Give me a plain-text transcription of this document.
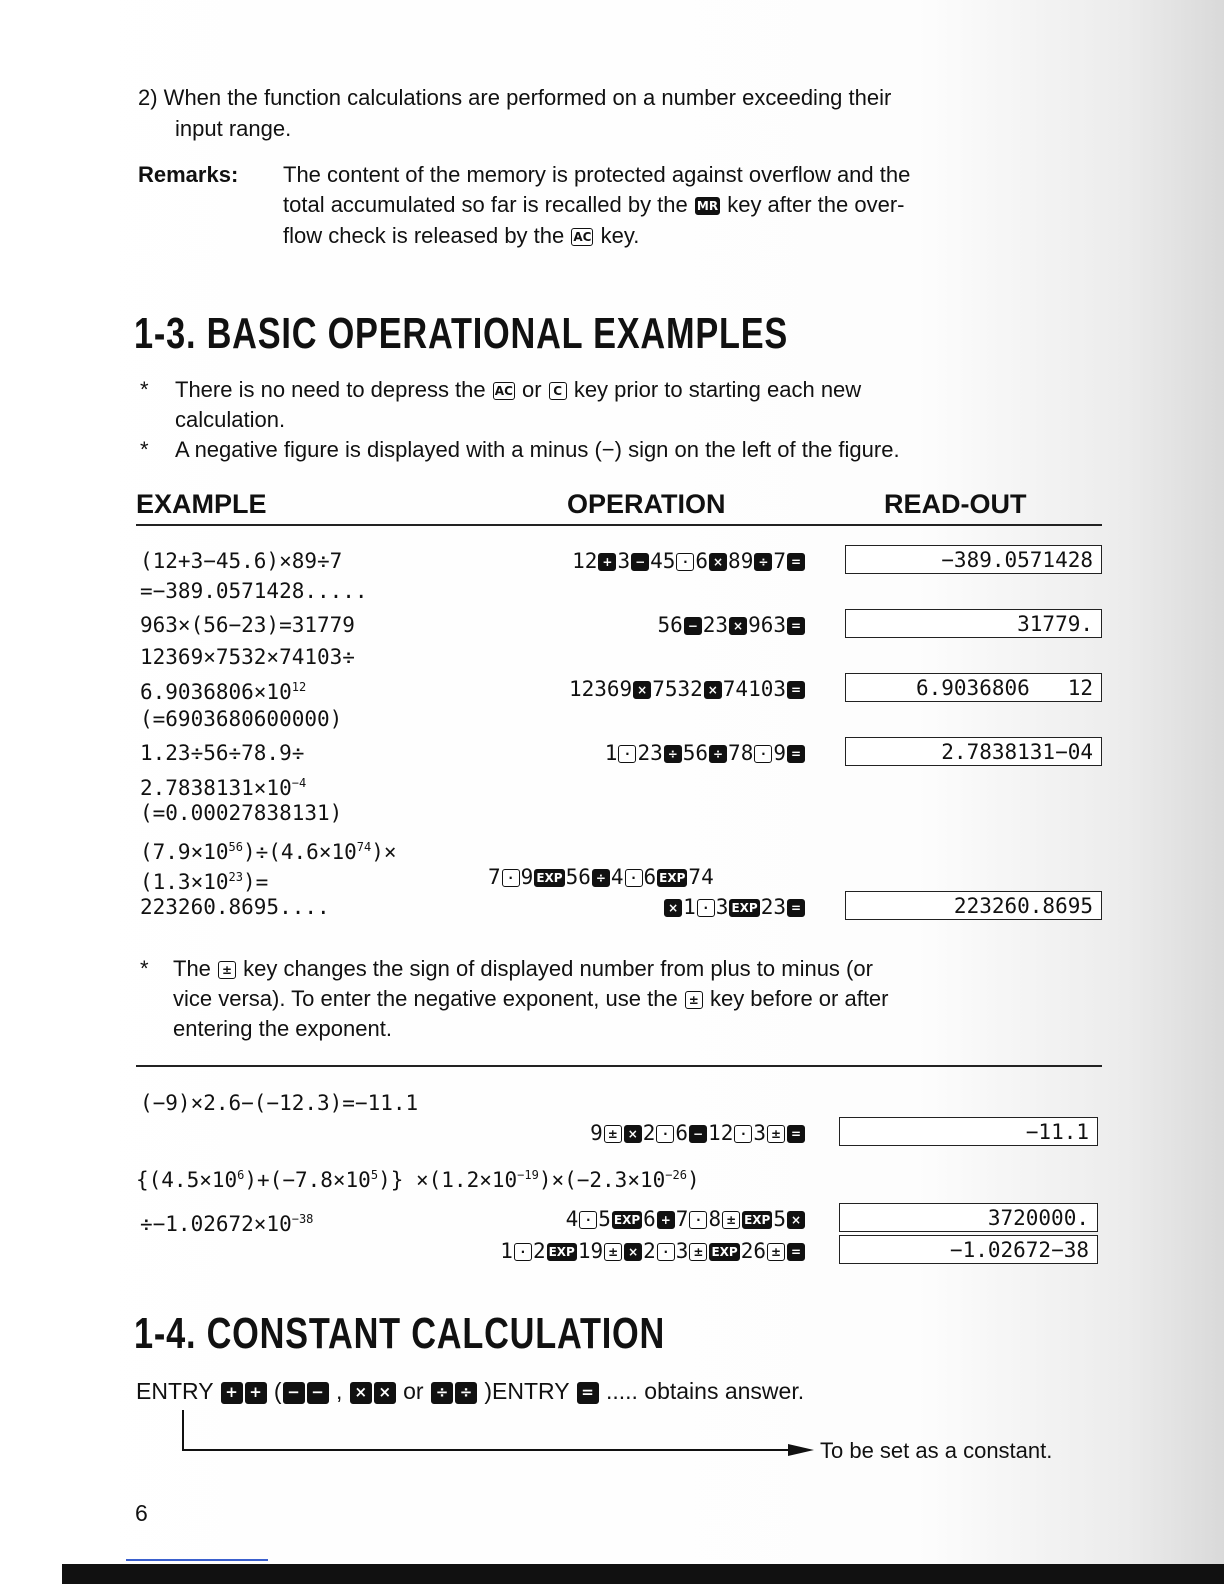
2) When the function calculations are performed on a number exceeding their
input range.
Remarks: The content of the memory is protected against overflow and the
total accumulated so far is recalled by the MR key after the over-
flow check is released by the AC key.
1-3. BASIC OPERATIONAL EXAMPLES
* There is no need to depress the AC or C key prior to starting each new
calculation.
* A negative figure is displayed with a minus (−) sign on the left of the figure.
EXAMPLE	OPERATION	READ-OUT
(12+3−45.6)×89÷7
=−389.0571428.....
12 + 3 − 45 · 6 × 89 ÷ 7 =	−389.0571428
963×(56−23)=31779	56 − 23 × 963 =	31779.
12369×7532×74103÷
$6.9036806\times 10^{12}$
(=6903680600000)
12369 × 7532 × 74103 =	6.9036806   12
1.23÷56÷78.9÷
$2.7838131\times 10^{-4}$
(=0.00027838131)
1 · 23 ÷ 56 ÷ 78 · 9 =	2.7838131−04
$(7.9\times 10^{56})\div(4.6\times 10^{74})\times$
$(1.3\times 10^{23})=$
223260.8695....
7 · 9 EXP 56 ÷ 4 · 6 EXP 74
× 1 · 3 EXP 23 =	223260.8695
* The ± key changes the sign of displayed number from plus to minus (or
vice versa). To enter the negative exponent, use the ± key before or after
entering the exponent.
(−9)×2.6−(−12.3)=−11.1
9 ± × 2 · 6 − 12 · 3 ± =	−11.1
$\{(4.5\times 10^6)+(-7.8\times 10^5)\} \times(1.2\times 10^{-19})\times(-2.3\times 10^{-26})$
$\div-1.02672\times 10^{-38}$	4 · 5 EXP 6 + 7 · 8 ± EXP 5 ×	3720000.
1 · 2 EXP 19 ± × 2 · 3 ± EXP 26 ± =	−1.02672−38
1-4. CONSTANT CALCULATION
ENTRY + + ( − − , × × or ÷ ÷ )ENTRY = ..... obtains answer.
To be set as a constant.
6
